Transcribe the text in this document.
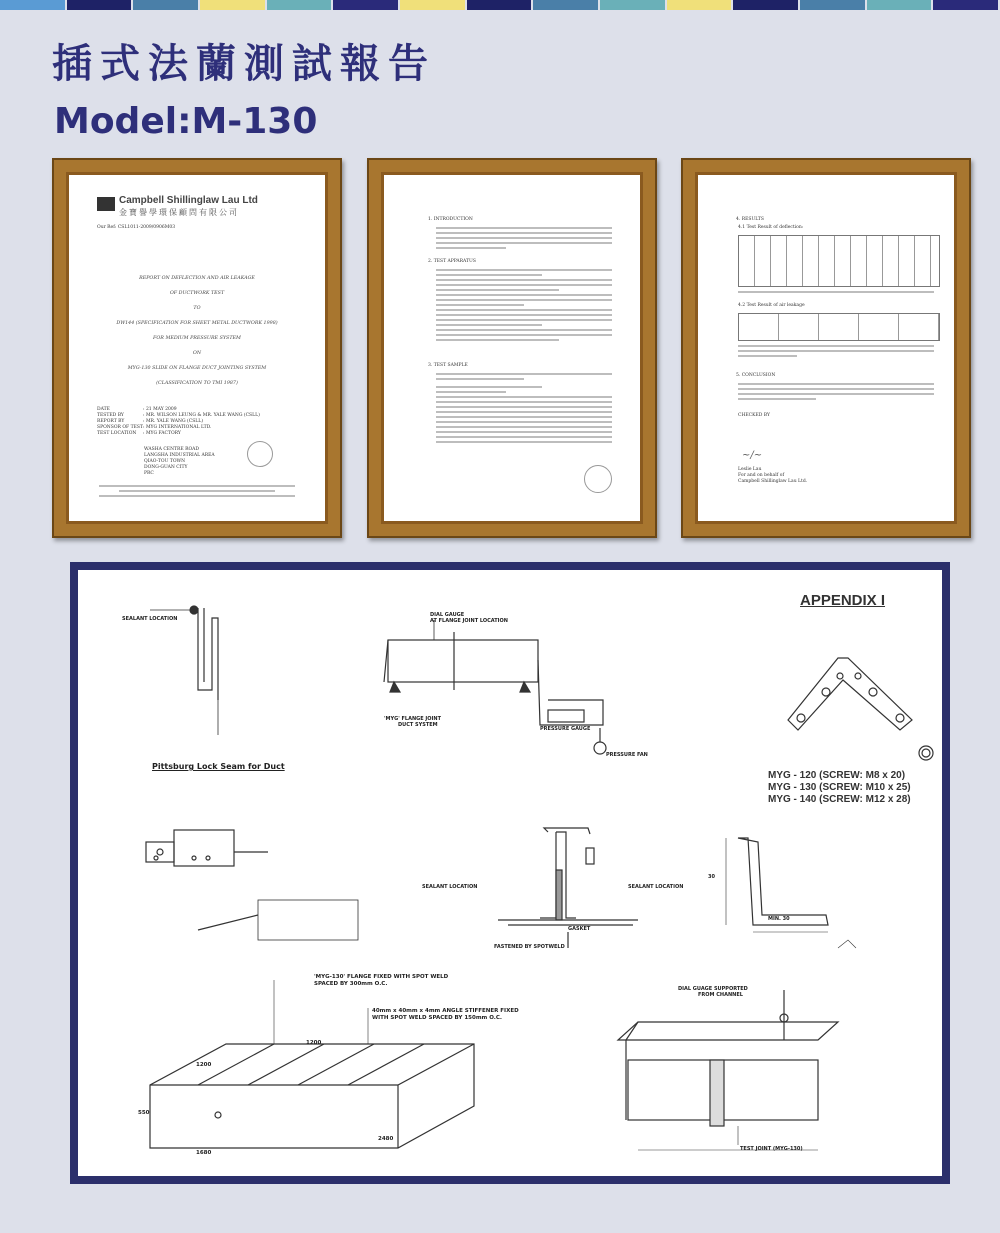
插式法蘭測試報告
Model:M-130
Campbell Shillinglaw Lau Ltd
金寶譽學環保顧問有限公司
Our Ref: CSL1011-2009/0906M03
REPORT ON DEFLECTION AND AIR LEAKAGE
OF DUCTWORK TEST
TO
DW144 (SPECIFICATION FOR SHEET METAL DUCTWORK 1998)
FOR MEDIUM PRESSURE SYSTEM
ON
MYG-130 SLIDE ON FLANGE DUCT JOINTING SYSTEM
(CLASSIFICATION TO TMI 1987)
DATE	: 21 MAY 2009
TESTED BY	: MR. WILSON LEUNG & MR. YALE WANG (CSLL)
REPORT BY	: MR. YALE WANG (CSLL)
SPONSOR OF TEST : MYG INTERNATIONAL LTD.
TEST LOCATION	: MYG FACTORY
WASHA CENTRE ROAD
LANGSHA INDUSTRIAL AREA
QIAO-TOU TOWN
DONG-GUAN CITY
PRC
1. INTRODUCTION
2. TEST APPARATUS
3. TEST SAMPLE
4. RESULTS
4.1 Test Result of deflection:
4.2 Test Result of air leakage
5. CONCLUSION
CHECKED BY
~/~
Leslie Lau
For and on behalf of
Campbell Shillinglaw Lau Ltd.
APPENDIX I
SEALANT LOCATION
Pittsburg Lock Seam for Duct
DIAL GAUGE
AT FLANGE JOINT LOCATION
'MYG' FLANGE JOINT
DUCT SYSTEM
PRESSURE GAUGE
PRESSURE FAN
MYG - 120 (SCREW: M8 x 20)
MYG - 130 (SCREW: M10 x 25)
MYG - 140 (SCREW: M12 x 28)
SEALANT LOCATION	SEALANT LOCATION
GASKET
FASTENED BY SPOTWELD
30
MIN. 30
'MYG-130' FLANGE FIXED WITH SPOT WELD
SPACED BY 300mm O.C.
40mm x 40mm x 4mm ANGLE STIFFENER FIXED
WITH SPOT WELD SPACED BY 150mm O.C.
1200
1200
550
2480
1680
DIAL GUAGE SUPPORTED
FROM CHANNEL
TEST JOINT (MYG-130)
